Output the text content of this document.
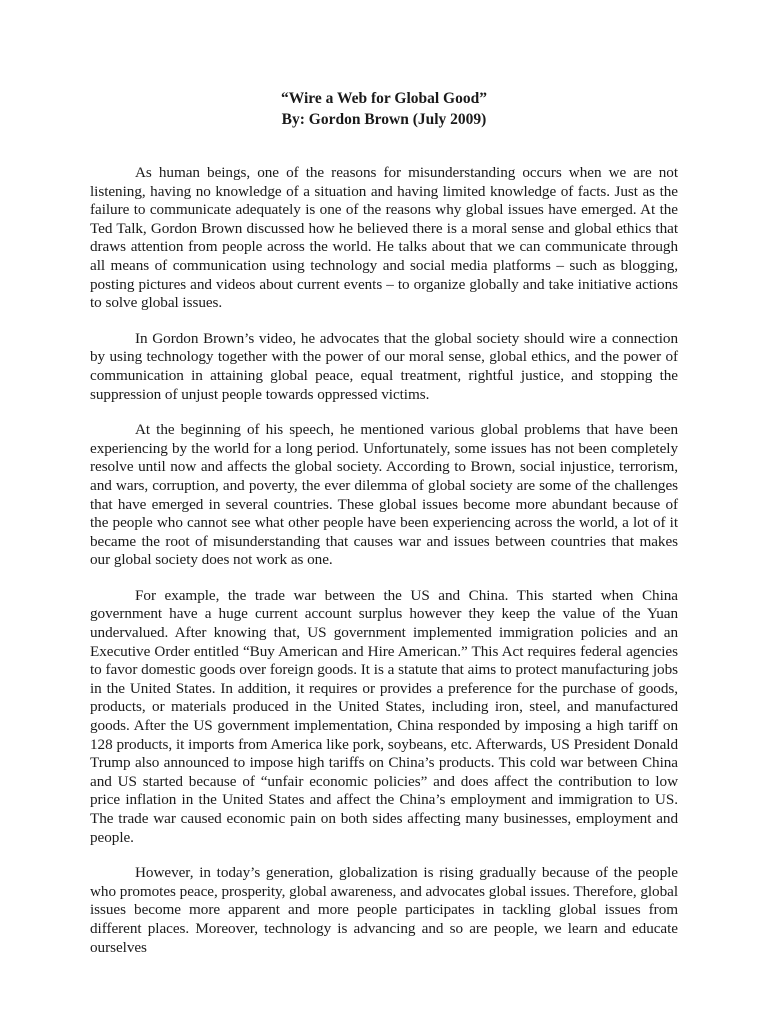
“Wire a Web for Global Good”
By: Gordon Brown (July 2009)

As human beings, one of the reasons for misunderstanding occurs when we are not listening, having no knowledge of a situation and having limited knowledge of facts. Just as the failure to communicate adequately is one of the reasons why global issues have emerged. At the Ted Talk, Gordon Brown discussed how he believed there is a moral sense and global ethics that draws attention from people across the world. He talks about that we can communicate through all means of communication using technology and social media platforms – such as blogging, posting pictures and videos about current events – to organize globally and take initiative actions to solve global issues.

In Gordon Brown’s video, he advocates that the global society should wire a connection by using technology together with the power of our moral sense, global ethics, and the power of communication in attaining global peace, equal treatment, rightful justice, and stopping the suppression of unjust people towards oppressed victims.

At the beginning of his speech, he mentioned various global problems that have been experiencing by the world for a long period. Unfortunately, some issues has not been completely resolve until now and affects the global society. According to Brown, social injustice, terrorism, and wars, corruption, and poverty, the ever dilemma of global society are some of the challenges that have emerged in several countries. These global issues become more abundant because of the people who cannot see what other people have been experiencing across the world, a lot of it became the root of misunderstanding that causes war and issues between countries that makes our global society does not work as one.

For example, the trade war between the US and China. This started when China government have a huge current account surplus however they keep the value of the Yuan undervalued. After knowing that, US government implemented immigration policies and an Executive Order entitled “Buy American and Hire American.” This Act requires federal agencies to favor domestic goods over foreign goods. It is a statute that aims to protect manufacturing jobs in the United States. In addition, it requires or provides a preference for the purchase of goods, products, or materials produced in the United States, including iron, steel, and manufactured goods. After the US government implementation, China responded by imposing a high tariff on 128 products, it imports from America like pork, soybeans, etc. Afterwards, US President Donald Trump also announced to impose high tariffs on China’s products. This cold war between China and US started because of “unfair economic policies” and does affect the contribution to low price inflation in the United States and affect the China’s employment and immigration to US. The trade war caused economic pain on both sides affecting many businesses, employment and people.

However, in today’s generation, globalization is rising gradually because of the people who promotes peace, prosperity, global awareness, and advocates global issues. Therefore, global issues become more apparent and more people participates in tackling global issues from different places. Moreover, technology is advancing and so are people, we learn and educate ourselves
